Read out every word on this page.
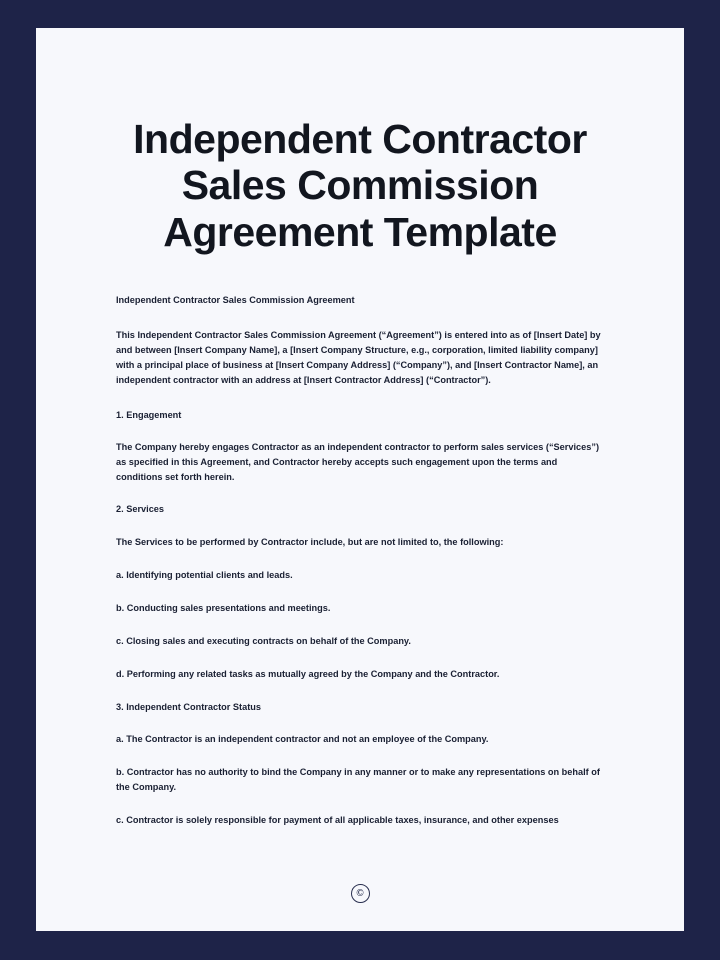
Independent Contractor Sales Commission Agreement Template

Independent Contractor Sales Commission Agreement

This Independent Contractor Sales Commission Agreement (“Agreement”) is entered into as of [Insert Date] by and between [Insert Company Name], a [Insert Company Structure, e.g., corporation, limited liability company] with a principal place of business at [Insert Company Address] (“Company”), and [Insert Contractor Name], an independent contractor with an address at [Insert Contractor Address] (“Contractor”).

1. Engagement

The Company hereby engages Contractor as an independent contractor to perform sales services (“Services”) as specified in this Agreement, and Contractor hereby accepts such engagement upon the terms and conditions set forth herein.

2. Services

The Services to be performed by Contractor include, but are not limited to, the following:

a. Identifying potential clients and leads.

b. Conducting sales presentations and meetings.

c. Closing sales and executing contracts on behalf of the Company.

d. Performing any related tasks as mutually agreed by the Company and the Contractor.

3. Independent Contractor Status

a. The Contractor is an independent contractor and not an employee of the Company.

b. Contractor has no authority to bind the Company in any manner or to make any representations on behalf of the Company.

c. Contractor is solely responsible for payment of all applicable taxes, insurance, and other expenses

©
